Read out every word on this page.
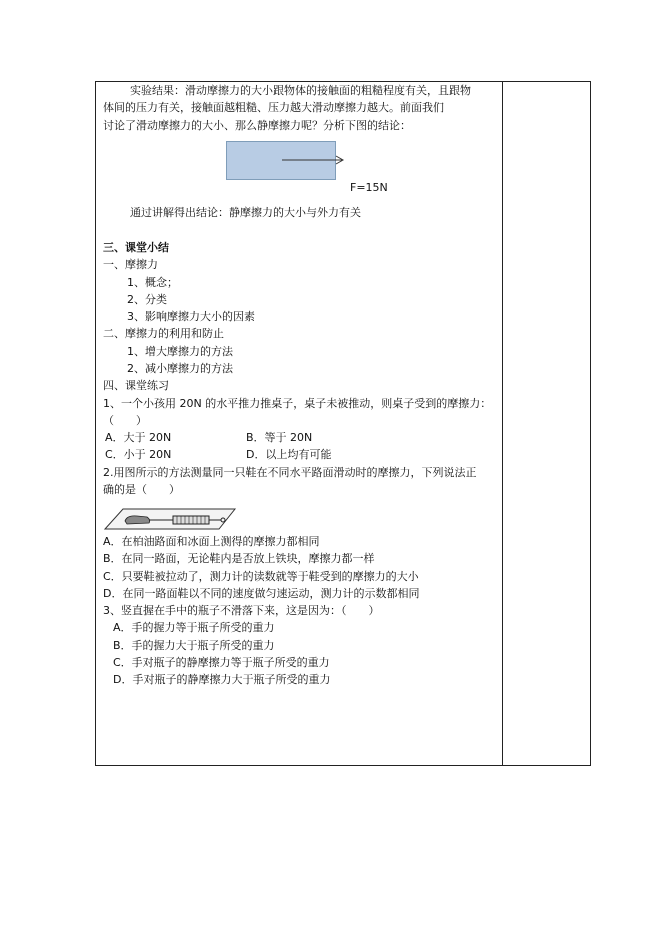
实验结果：滑动摩擦力的大小跟物体的接触面的粗糙程度有关，且跟物
体间的压力有关，接触面越粗糙、压力越大滑动摩擦力越大。前面我们
讨论了滑动摩擦力的大小、那么静摩擦力呢？分析下图的结论：
F=15N
通过讲解得出结论：静摩擦力的大小与外力有关
三、课堂小结
一、摩擦力
1、概念；
2、分类
3、影响摩擦力大小的因素
二、摩擦力的利用和防止
1、增大摩擦力的方法
2、减小摩擦力的方法
四、课堂练习
1、一个小孩用 20N 的水平推力推桌子，桌子未被推动，则桌子受到的摩擦力：
（　　）
A．大于 20N	B．等于 20N
C．小于 20N	D．以上均有可能
2.用图所示的方法测量同一只鞋在不同水平路面滑动时的摩擦力，下列说法正
确的是（　　）
A．在柏油路面和冰面上测得的摩擦力都相同
B．在同一路面，无论鞋内是否放上铁块，摩擦力都一样
C．只要鞋被拉动了，测力计的读数就等于鞋受到的摩擦力的大小
D．在同一路面鞋以不同的速度做匀速运动，测力计的示数都相同
3、竖直握在手中的瓶子不滑落下来，这是因为：（　　）
A．手的握力等于瓶子所受的重力
B．手的握力大于瓶子所受的重力
C．手对瓶子的静摩擦力等于瓶子所受的重力
D．手对瓶子的静摩擦力大于瓶子所受的重力
